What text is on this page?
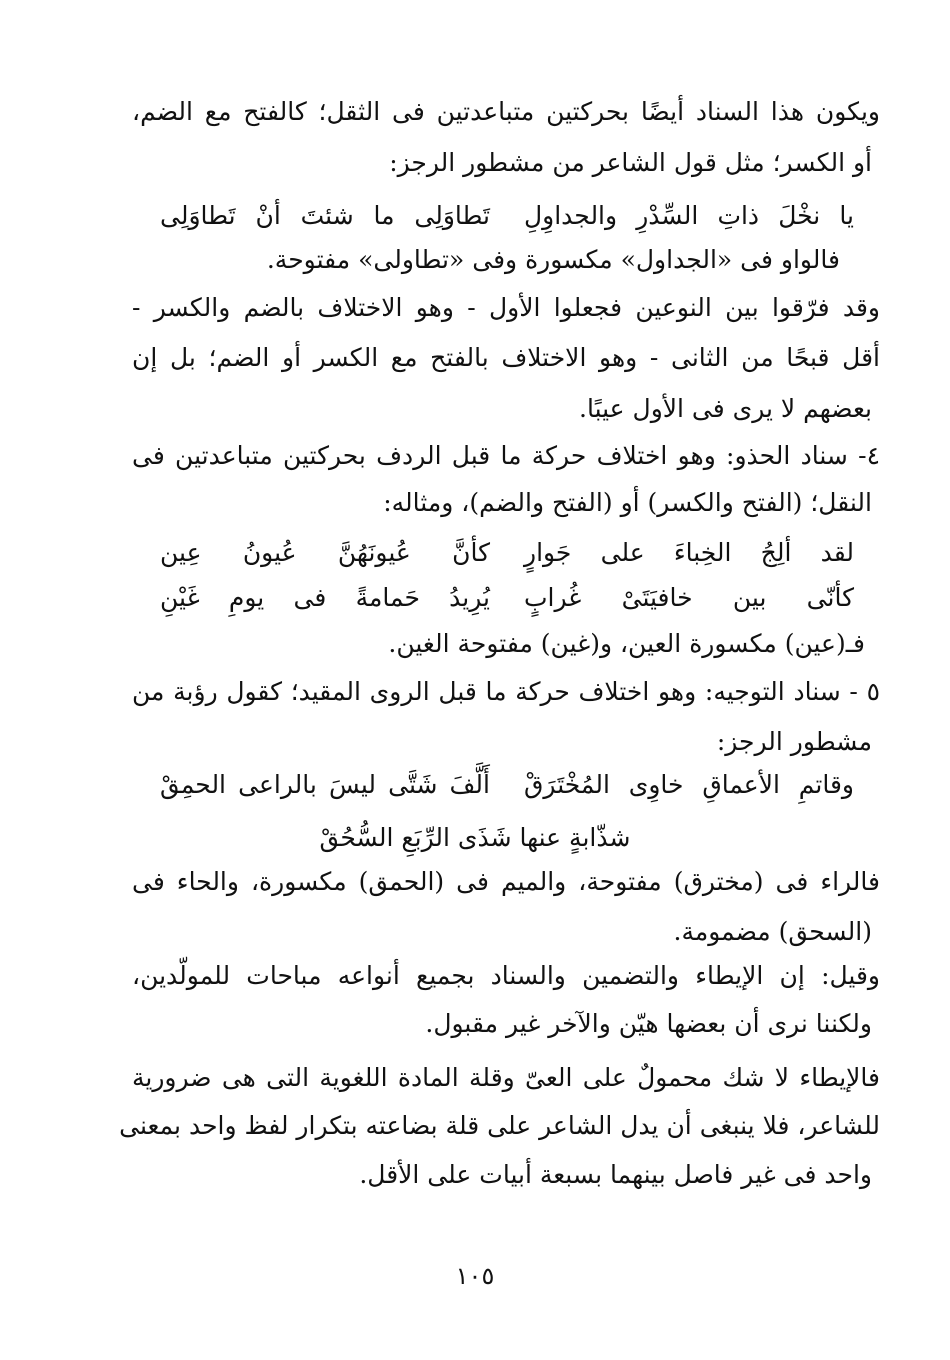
ويكون هذا السناد أيضًا بحركتين متباعدتين فى الثقل؛ كالفتح مع الضم،
أو الكسر؛ مثل قول الشاعر من مشطور الرجز:
يا نخْلَ ذاتِ السِّدْرِ والجداوِلِ
تَطاوَلِى ما شئتَ أنْ تَطاوَلِى
فالواو فى «الجداول» مكسورة وفى «تطاولى» مفتوحة.
وقد فرّقوا بين النوعين فجعلوا الأول - وهو الاختلاف بالضم والكسر -
أقل قبحًا من الثانى - وهو الاختلاف بالفتح مع الكسر أو الضم؛ بل إن
بعضهم لا يرى فى الأول عيبًا.
٤- سناد الحذو: وهو اختلاف حركة ما قبل الردف بحركتين متباعدتين فى
النقل؛ (الفتح والكسر) أو (الفتح والضم)، ومثاله:
لقد ألِجُ الخِباءَ على جَوارٍ
كأنَّ عُيونَهُنَّ عُيونُ عِين
كأنّى بين خافيَتَىْ غُرابٍ
يُرِيدُ حَمامةً فى يومِ غَيْنِ
فـ(عين) مكسورة العين، و(غين) مفتوحة الغين.
٥ - سناد التوجيه: وهو اختلاف حركة ما قبل الروى المقيد؛ كقول رؤبة من
مشطور الرجز:
وقاتمِ الأعماقِ خاوِى المُخْتَرَقْ
أَلَّفَ شَتَّى ليسَ بالراعى الحمِقْ
شذّابةٍ عنها شَذَى الرِّبَعِ السُّحُقْ
فالراء فى (مخترق) مفتوحة، والميم فى (الحمق) مكسورة، والحاء فى
(السحق) مضمومة.
وقيل: إن الإيطاء والتضمين والسناد بجميع أنواعه مباحات للمولّدين،
ولكننا نرى أن بعضها هيّن والآخر غير مقبول.
فالإيطاء لا شك محمولٌ على العىّ وقلة المادة اللغوية التى هى ضرورية
للشاعر، فلا ينبغى أن يدل الشاعر على قلة بضاعته بتكرار لفظ واحد بمعنى
واحد فى غير فاصل بينهما بسبعة أبيات على الأقل.
١٠٥
